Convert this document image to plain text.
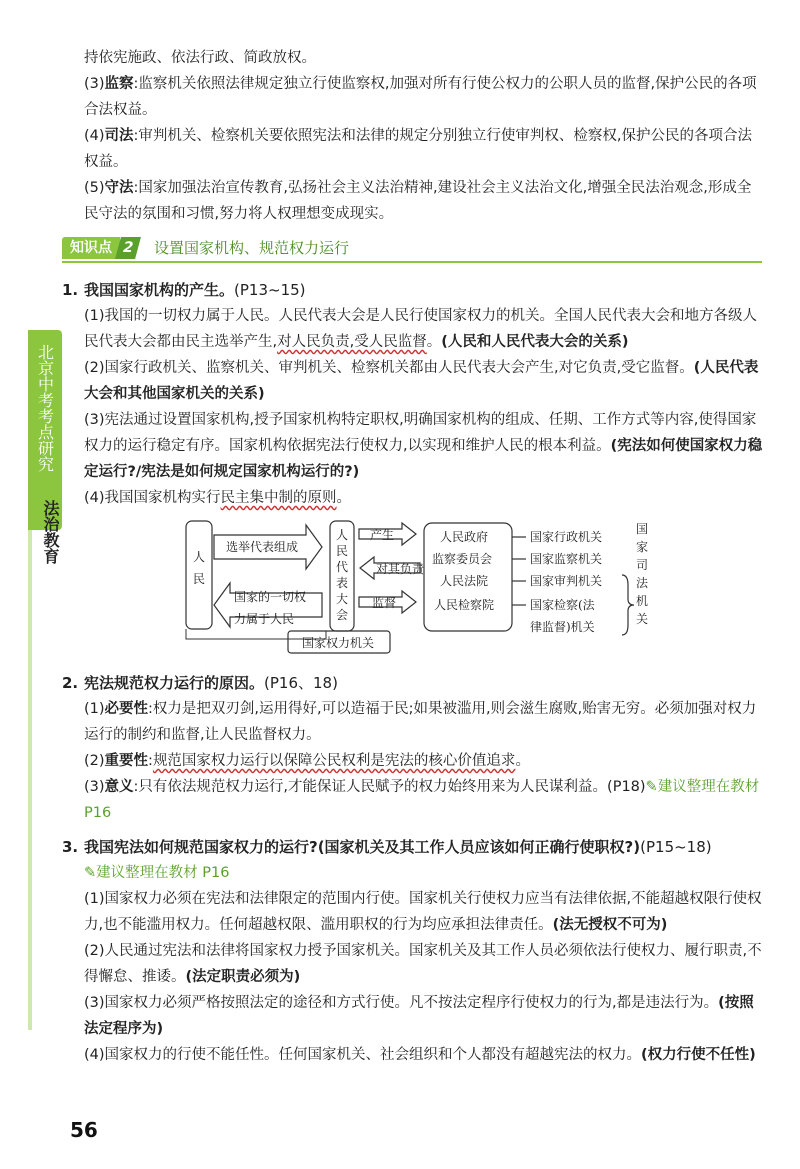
北京中考考点研究
法治教育

持依宪施政、依法行政、简政放权。

(3)监察:监察机关依照法律规定独立行使监察权,加强对所有行使公权力的公职人员的监督,保护公民的各项合法权益。

(4)司法:审判机关、检察机关要依照宪法和法律的规定分别独立行使审判权、检察权,保护公民的各项合法权益。

(5)守法:国家加强法治宣传教育,弘扬社会主义法治精神,建设社会主义法治文化,增强全民法治观念,形成全民守法的氛围和习惯,努力将人权理想变成现实。

知识点 2	设置国家机构、规范权力运行
1. 我国国家机构的产生。(P13~15)

(1)我国的一切权力属于人民。人民代表大会是人民行使国家权力的机关。全国人民代表大会和地方各级人民代表大会都由民主选举产生,对人民负责,受人民监督。(人民和人民代表大会的关系)

(2)国家行政机关、监察机关、审判机关、检察机关都由人民代表大会产生,对它负责,受它监督。(人民代表大会和其他国家机关的关系)

(3)宪法通过设置国家机构,授予国家机构特定职权,明确国家机构的组成、任期、工作方式等内容,使得国家权力的运行稳定有序。国家机构依据宪法行使权力,以实现和维护人民的根本利益。(宪法如何使国家权力稳定运行?/宪法是如何规定国家机构运行的?)

(4)我国国家机构实行民主集中制的原则。

人
民
选举代表组成
国家的一切权
力属于人民
人
民
代
表
大
会
产生
对其负责
监督
人民政府
监察委员会
人民法院
人民检察院
国家行政机关
国家监察机关
国家审判机关
国家检察(法
律监督)机关
国
家
司
法
机
关
国家权力机关
2. 宪法规范权力运行的原因。(P16、18)

(1)必要性:权力是把双刃剑,运用得好,可以造福于民;如果被滥用,则会滋生腐败,贻害无穷。必须加强对权力运行的制约和监督,让人民监督权力。

(2)重要性:规范国家权力运行以保障公民权利是宪法的核心价值追求。

(3)意义:只有依法规范权力运行,才能保证人民赋予的权力始终用来为人民谋利益。(P18)✎建议整理在教材P16

3. 我国宪法如何规范国家权力的运行?(国家机关及其工作人员应该如何正确行使职权?)(P15~18)

✎建议整理在教材 P16

(1)国家权力必须在宪法和法律限定的范围内行使。国家机关行使权力应当有法律依据,不能超越权限行使权力,也不能滥用权力。任何超越权限、滥用职权的行为均应承担法律责任。(法无授权不可为)

(2)人民通过宪法和法律将国家权力授予国家机关。国家机关及其工作人员必须依法行使权力、履行职责,不得懈怠、推诿。(法定职责必须为)

(3)国家权力必须严格按照法定的途径和方式行使。凡不按法定程序行使权力的行为,都是违法行为。(按照法定程序为)

(4)国家权力的行使不能任性。任何国家机关、社会组织和个人都没有超越宪法的权力。(权力行使不任性)

56
